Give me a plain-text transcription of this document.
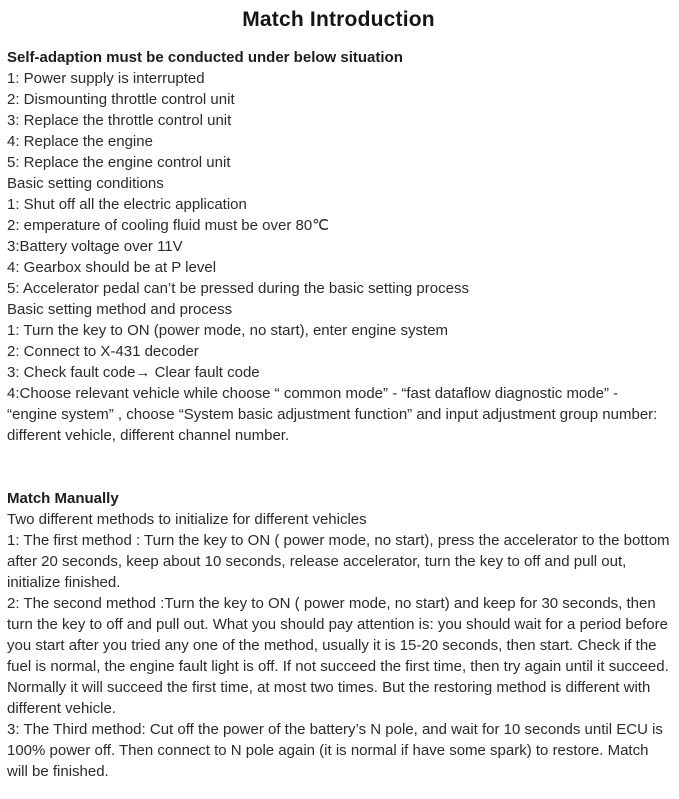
Match Introduction

Self-adaption must be conducted under below situation

1: Power supply is interrupted

2: Dismounting throttle control unit

3: Replace the throttle control unit

4: Replace the engine

5: Replace the engine control unit

Basic setting conditions

1: Shut off all the electric application

2: emperature of cooling fluid must be over 80℃

3:Battery voltage over 11V

4: Gearbox should be at P level

5: Accelerator pedal can’t be pressed during the basic setting process

Basic setting method and process

1: Turn the key to ON (power mode, no start), enter engine system

2: Connect to X-431 decoder

3: Check fault code→ Clear fault code

4:Choose relevant vehicle while choose “ common mode” - “fast dataflow diagnostic mode” - “engine system” , choose “System basic adjustment function” and input adjustment group number: different vehicle, different channel number.

Match Manually

Two different methods to initialize for different vehicles

1: The first method : Turn the key to ON ( power mode, no start), press the accelerator to the bottom after 20 seconds, keep about 10 seconds, release accelerator, turn the key to off and pull out, initialize finished.

2: The second method :Turn the key to ON ( power mode, no start) and keep for 30 seconds, then turn the key to off and pull out. What you should pay attention is: you should wait for a period before you start after you tried any one of the method, usually it is 15-20 seconds, then start. Check if the fuel is normal, the engine fault light is off. If not succeed the first time, then try again until it succeed. Normally it will succeed the first time, at most two times. But the restoring method is different with different vehicle.

3: The Third method: Cut off the power of the battery’s N pole, and wait for 10 seconds until ECU is 100% power off. Then connect to N pole again (it is normal if have some spark) to restore. Match will be finished.
